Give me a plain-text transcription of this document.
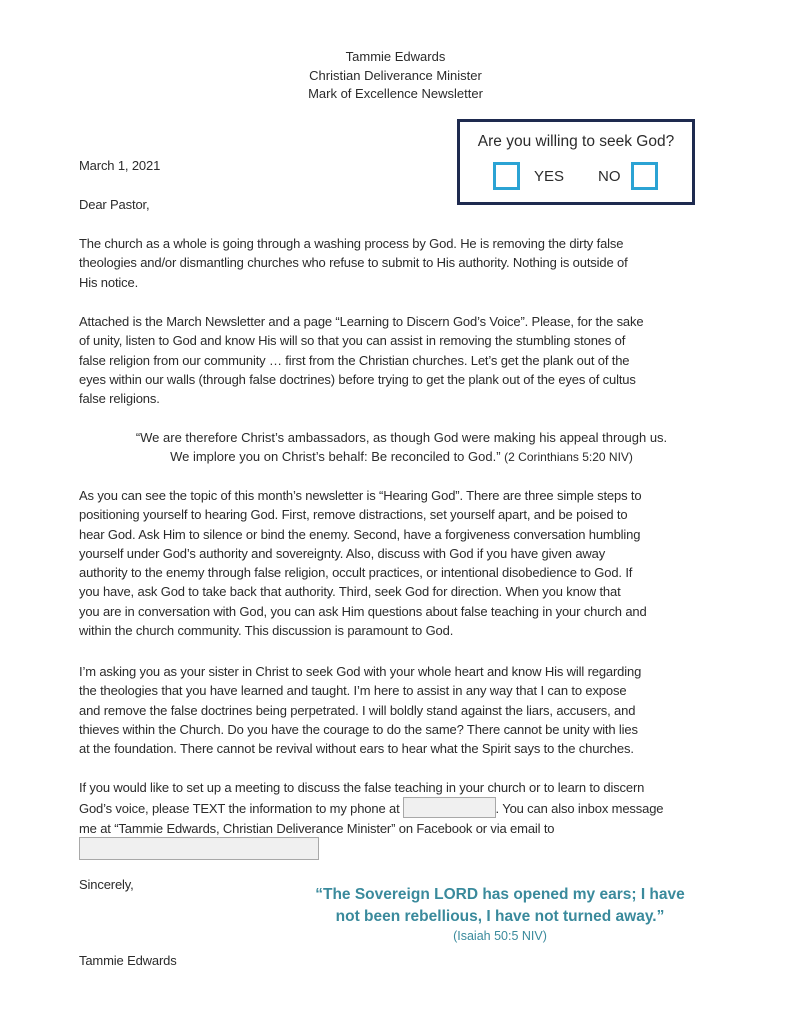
Tammie Edwards
Christian Deliverance Minister
Mark of Excellence Newsletter
Are you willing to seek God?
YES NO
March 1, 2021
Dear Pastor,
The church as a whole is going through a washing process by God. He is removing the dirty false
theologies and/or dismantling churches who refuse to submit to His authority. Nothing is outside of
His notice.
Attached is the March Newsletter and a page “Learning to Discern God’s Voice”. Please, for the sake
of unity, listen to God and know His will so that you can assist in removing the stumbling stones of
false religion from our community … first from the Christian churches. Let’s get the plank out of the
eyes within our walls (through false doctrines) before trying to get the plank out of the eyes of cultus
false religions.
“We are therefore Christ’s ambassadors, as though God were making his appeal through us.
We implore you on Christ’s behalf: Be reconciled to God.” (2 Corinthians 5:20 NIV)
As you can see the topic of this month’s newsletter is “Hearing God”. There are three simple steps to
positioning yourself to hearing God. First, remove distractions, set yourself apart, and be poised to
hear God. Ask Him to silence or bind the enemy. Second, have a forgiveness conversation humbling
yourself under God’s authority and sovereignty. Also, discuss with God if you have given away
authority to the enemy through false religion, occult practices, or intentional disobedience to God. If
you have, ask God to take back that authority. Third, seek God for direction. When you know that
you are in conversation with God, you can ask Him questions about false teaching in your church and
within the church community. This discussion is paramount to God.
I’m asking you as your sister in Christ to seek God with your whole heart and know His will regarding
the theologies that you have learned and taught. I’m here to assist in any way that I can to expose
and remove the false doctrines being perpetrated. I will boldly stand against the liars, accusers, and
thieves within the Church. Do you have the courage to do the same? There cannot be unity with lies
at the foundation. There cannot be revival without ears to hear what the Spirit says to the churches.
If you would like to set up a meeting to discuss the false teaching in your church or to learn to discern
God’s voice, please TEXT the information to my phone at	. You can also inbox message
me at “Tammie Edwards, Christian Deliverance Minister” on Facebook or via email to
Sincerely,
Tammie Edwards
“The Sovereign LORD has opened my ears; I have
not been rebellious, I have not turned away.”
(Isaiah 50:5 NIV)
